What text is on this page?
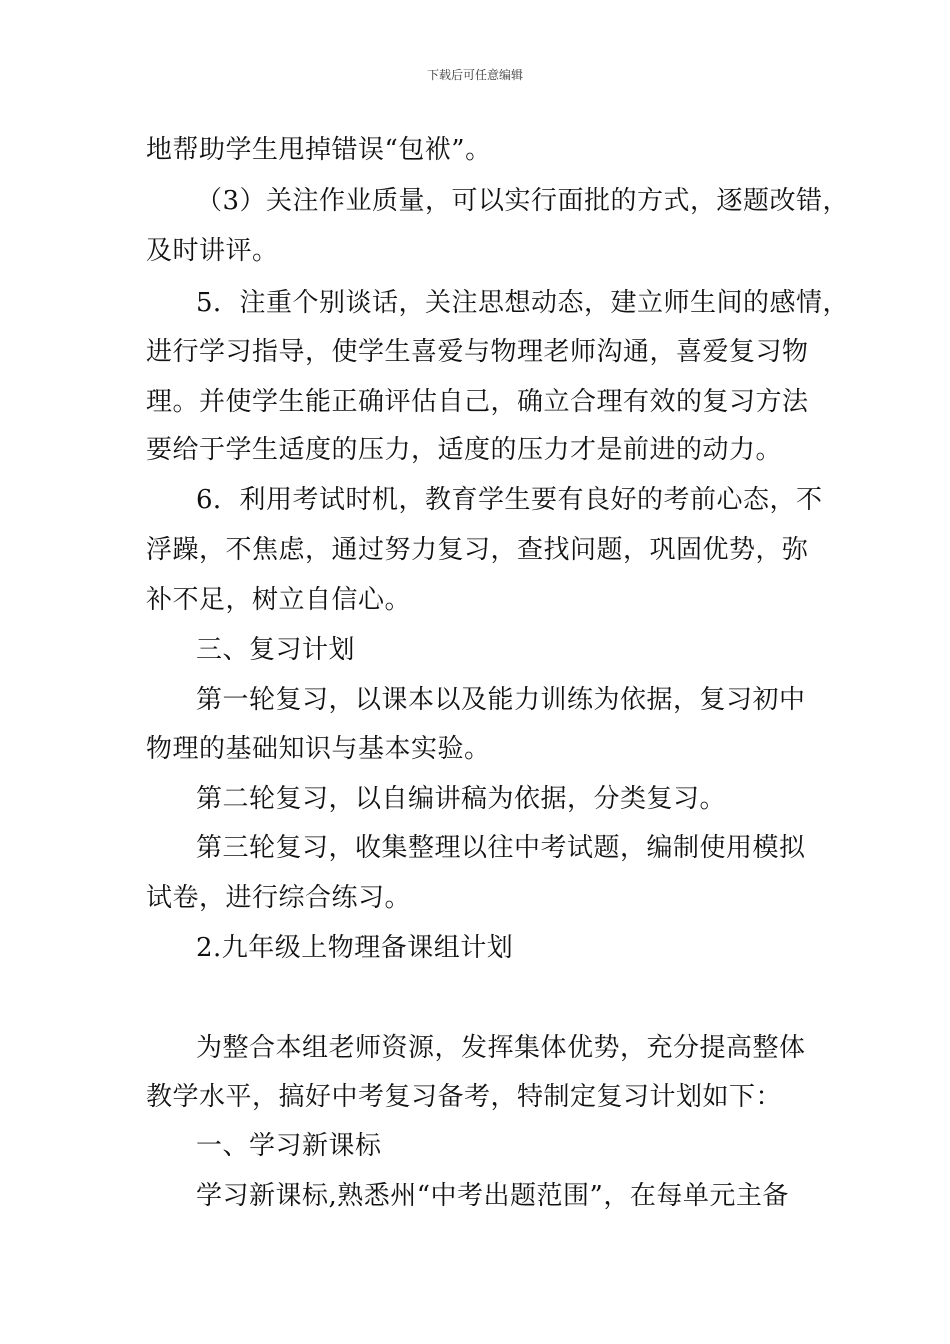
下载后可任意编辑
地帮助学生甩掉错误“包袱”。
（3）关注作业质量，可以实行面批的方式，逐题改错，
及时讲评。
5．注重个别谈话，关注思想动态，建立师生间的感情，
进行学习指导，使学生喜爱与物理老师沟通，喜爱复习物
理。并使学生能正确评估自己，确立合理有效的复习方法
要给于学生适度的压力，适度的压力才是前进的动力。
6．利用考试时机，教育学生要有良好的考前心态，不
浮躁，不焦虑，通过努力复习，查找问题，巩固优势，弥
补不足，树立自信心。
三、复习计划
第一轮复习，以课本以及能力训练为依据，复习初中
物理的基础知识与基本实验。
第二轮复习，以自编讲稿为依据，分类复习。
第三轮复习，收集整理以往中考试题，编制使用模拟
试卷，进行综合练习。
2.九年级上物理备课组计划
为整合本组老师资源，发挥集体优势，充分提高整体
教学水平，搞好中考复习备考，特制定复习计划如下：
一、学习新课标
学习新课标,熟悉州“中考出题范围”，在每单元主备
